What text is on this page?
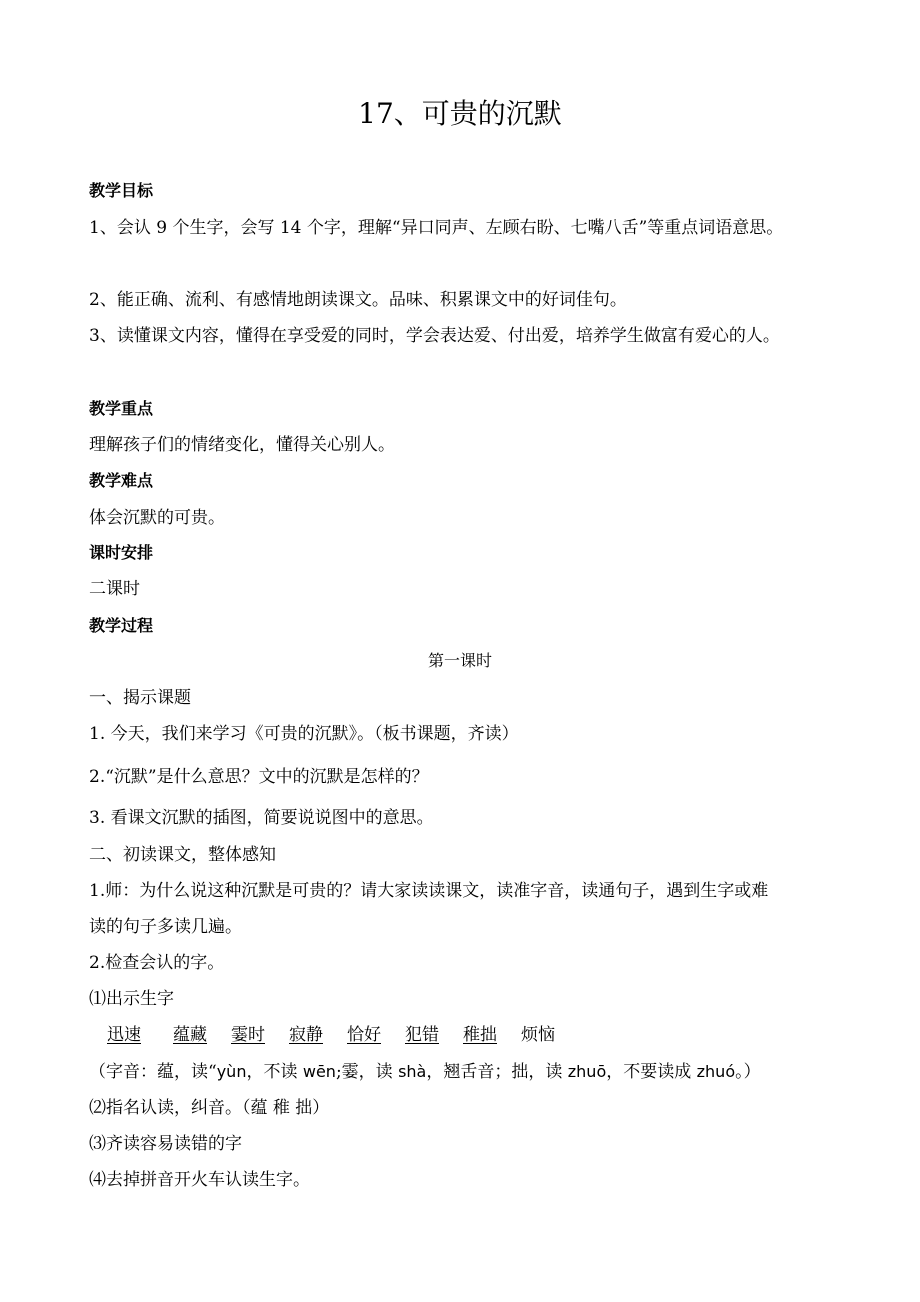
17、可贵的沉默
教学目标
1、会认 9 个生字，会写 14 个字，理解“异口同声、左顾右盼、七嘴八舌”等重点词语意思。
2、能正确、流利、有感情地朗读课文。品味、积累课文中的好词佳句。
3、读懂课文内容，懂得在享受爱的同时，学会表达爱、付出爱，培养学生做富有爱心的人。
教学重点
理解孩子们的情绪变化，懂得关心别人。
教学难点
体会沉默的可贵。
课时安排
二课时
教学过程
第一课时
一、揭示课题
1. 今天，我们来学习《可贵的沉默》。（板书课题，齐读）
2.“沉默”是什么意思？文中的沉默是怎样的？
3. 看课文沉默的插图，简要说说图中的意思。
二、初读课文，整体感知
1.师：为什么说这种沉默是可贵的？请大家读读课文，读准字音，读通句子，遇到生字或难
读的句子多读几遍。
2.检查会认的字。
⑴出示生字
迅速 蕴藏 霎时 寂静 恰好 犯错 稚拙 烦恼
（字音：蕴，读“yùn，不读 wēn;霎，读 shà，翘舌音；拙，读 zhuō，不要读成 zhuó。）
⑵指名认读，纠音。（蕴 稚 拙）
⑶齐读容易读错的字
⑷去掉拼音开火车认读生字。
